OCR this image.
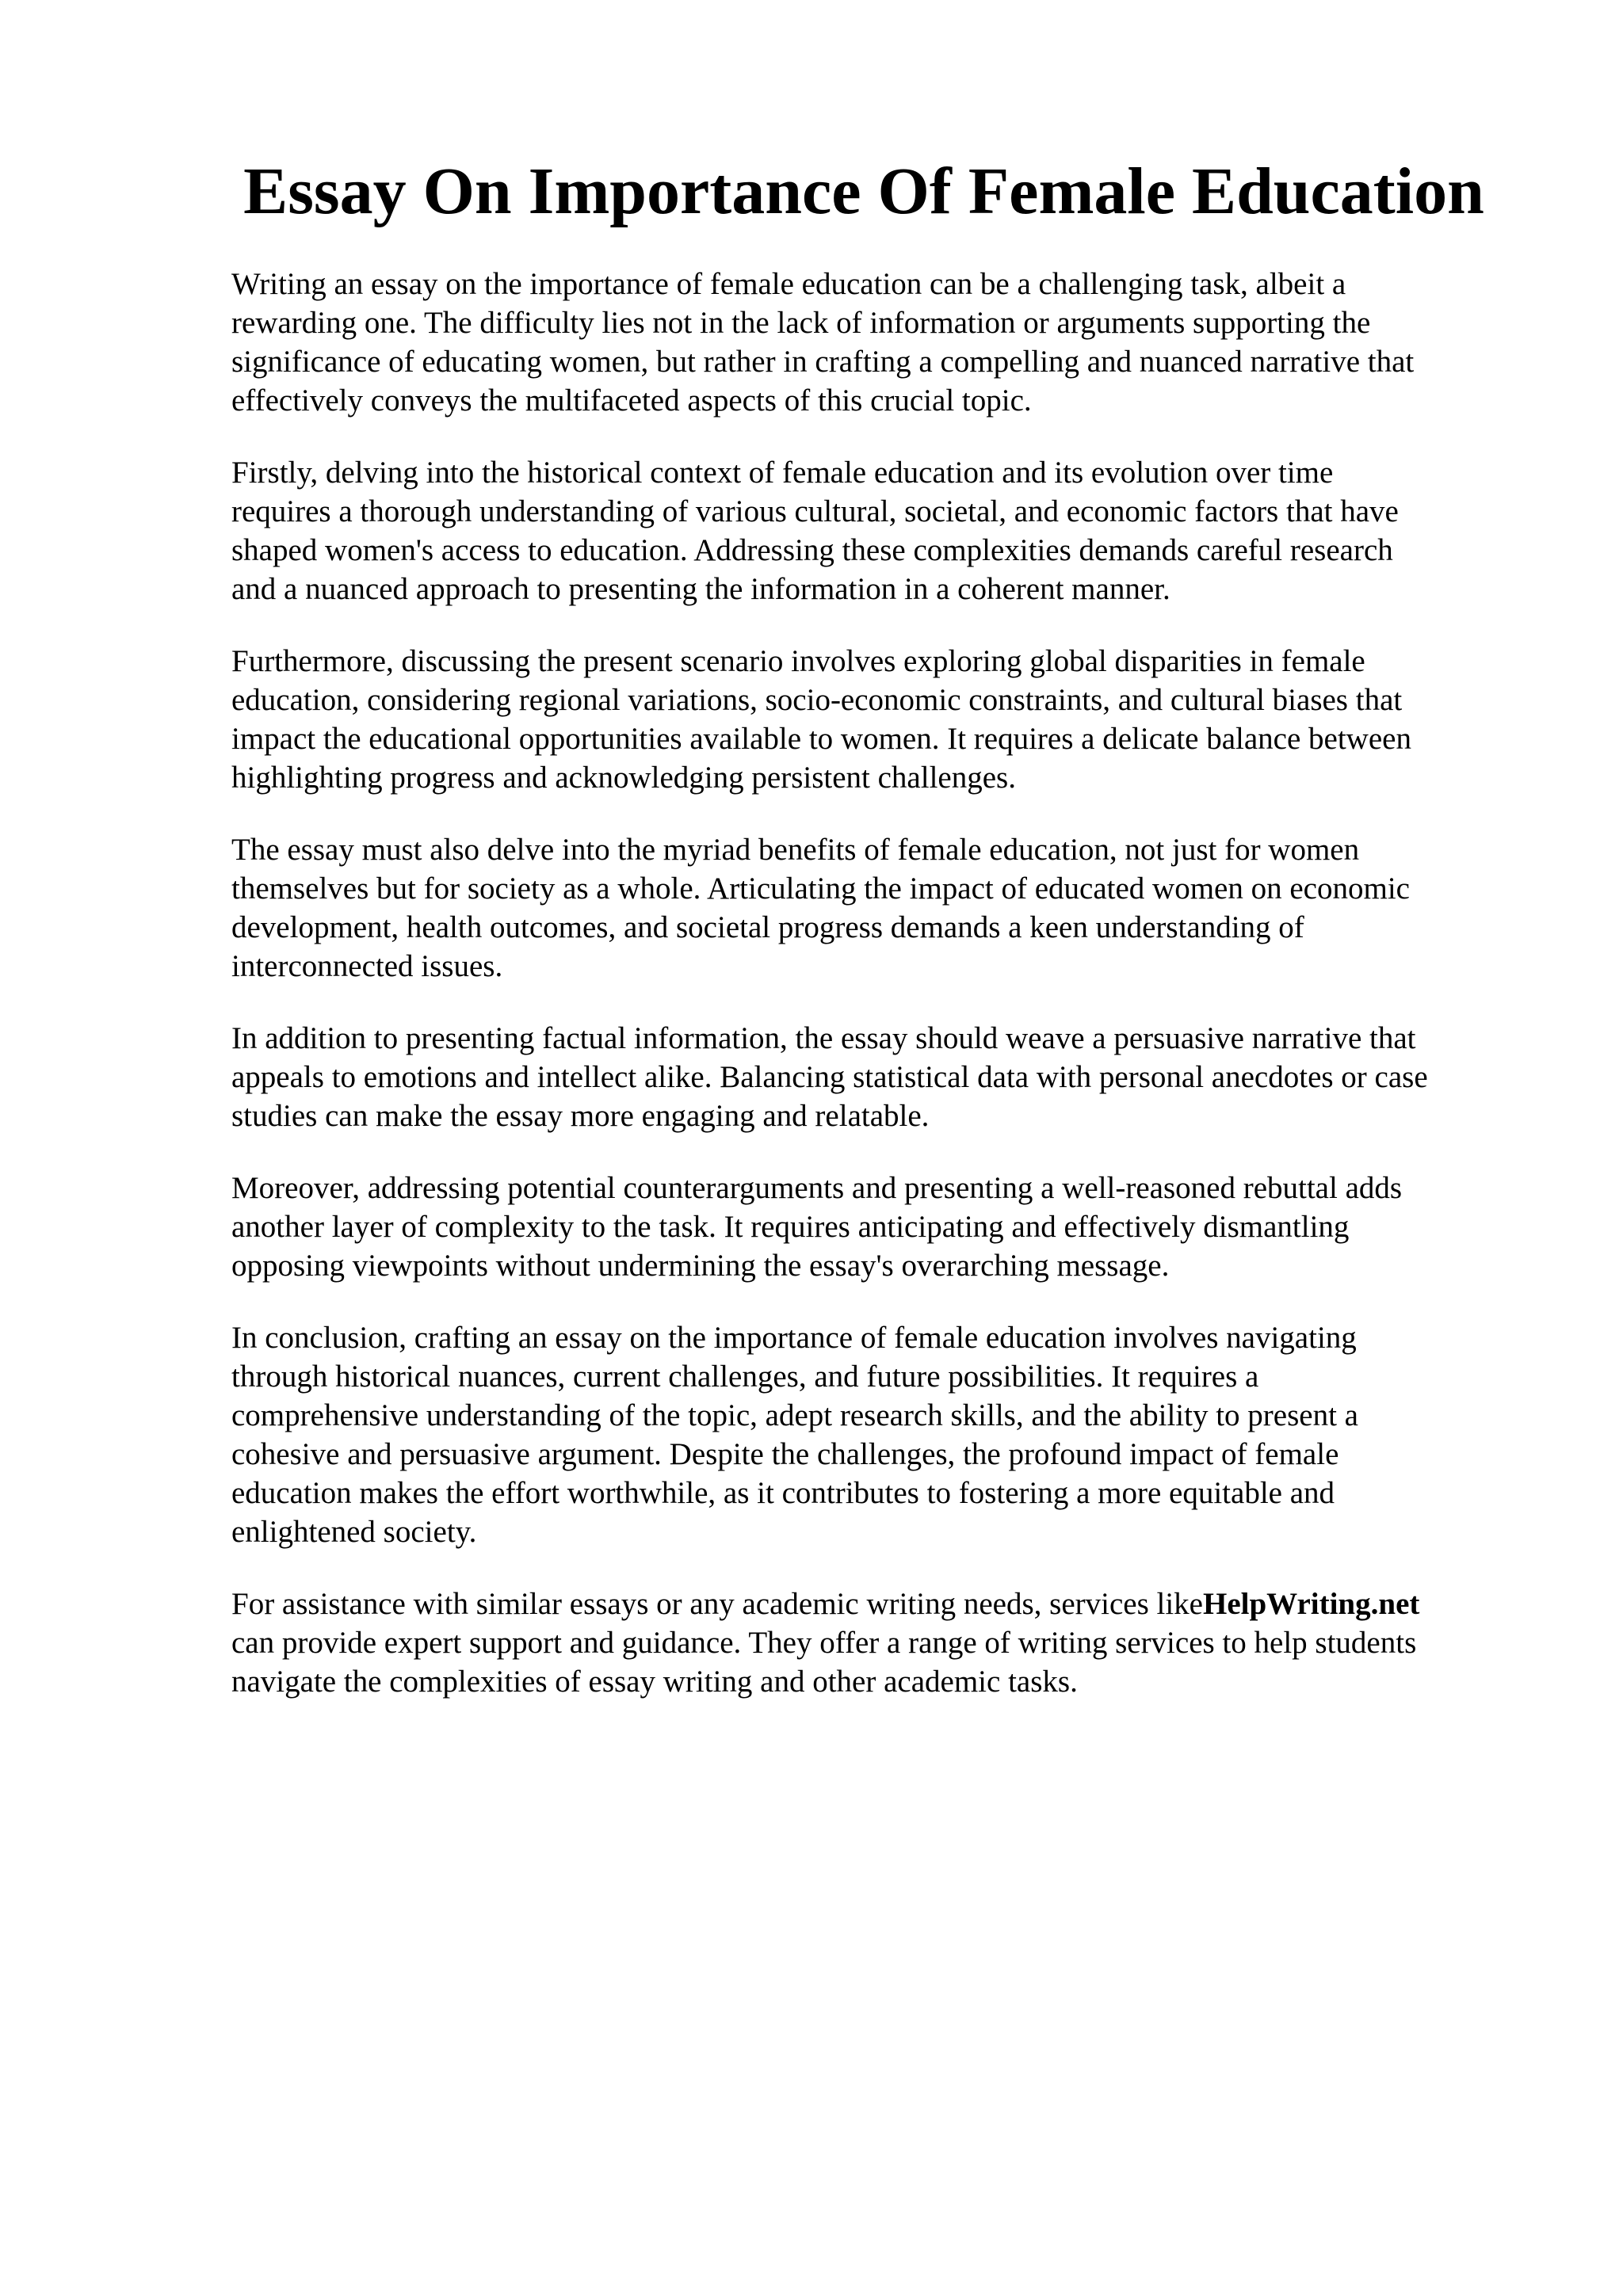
Essay On Importance Of Female Education

Writing an essay on the importance of female education can be a challenging task, albeit a
rewarding one. The difficulty lies not in the lack of information or arguments supporting the
significance of educating women, but rather in crafting a compelling and nuanced narrative that
effectively conveys the multifaceted aspects of this crucial topic.

Firstly, delving into the historical context of female education and its evolution over time
requires a thorough understanding of various cultural, societal, and economic factors that have
shaped women's access to education. Addressing these complexities demands careful research
and a nuanced approach to presenting the information in a coherent manner.

Furthermore, discussing the present scenario involves exploring global disparities in female
education, considering regional variations, socio-economic constraints, and cultural biases that
impact the educational opportunities available to women. It requires a delicate balance between
highlighting progress and acknowledging persistent challenges.

The essay must also delve into the myriad benefits of female education, not just for women
themselves but for society as a whole. Articulating the impact of educated women on economic
development, health outcomes, and societal progress demands a keen understanding of
interconnected issues.

In addition to presenting factual information, the essay should weave a persuasive narrative that
appeals to emotions and intellect alike. Balancing statistical data with personal anecdotes or case
studies can make the essay more engaging and relatable.

Moreover, addressing potential counterarguments and presenting a well-reasoned rebuttal adds
another layer of complexity to the task. It requires anticipating and effectively dismantling
opposing viewpoints without undermining the essay's overarching message.

In conclusion, crafting an essay on the importance of female education involves navigating
through historical nuances, current challenges, and future possibilities. It requires a
comprehensive understanding of the topic, adept research skills, and the ability to present a
cohesive and persuasive argument. Despite the challenges, the profound impact of female
education makes the effort worthwhile, as it contributes to fostering a more equitable and
enlightened society.

For assistance with similar essays or any academic writing needs, services likeHelpWriting.net
can provide expert support and guidance. They offer a range of writing services to help students
navigate the complexities of essay writing and other academic tasks.
